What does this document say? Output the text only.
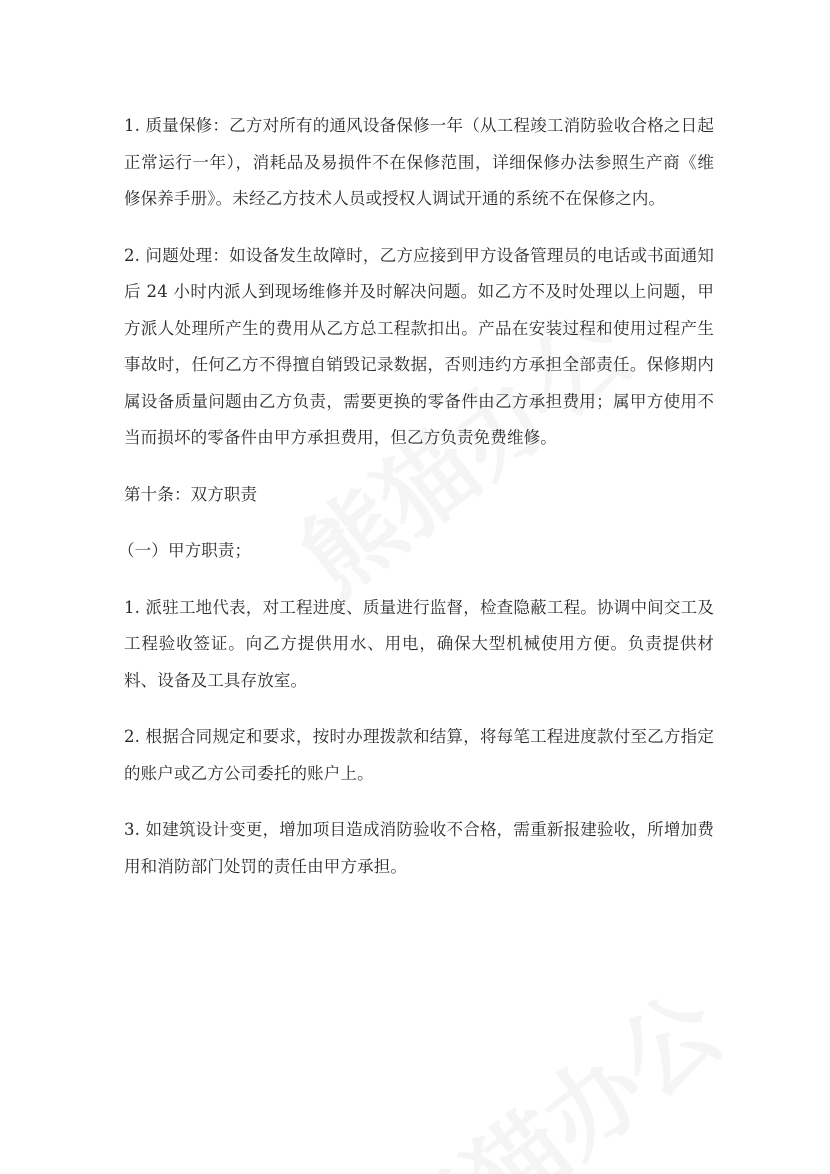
1. 质量保修：乙方对所有的通风设备保修一年（从工程竣工消防验收合格之日起正常运行一年），消耗品及易损件不在保修范围，详细保修办法参照生产商《维修保养手册》。未经乙方技术人员或授权人调试开通的系统不在保修之内。

2. 问题处理：如设备发生故障时，乙方应接到甲方设备管理员的电话或书面通知后 24 小时内派人到现场维修并及时解决问题。如乙方不及时处理以上问题，甲方派人处理所产生的费用从乙方总工程款扣出。产品在安装过程和使用过程产生事故时，任何乙方不得擅自销毁记录数据，否则违约方承担全部责任。保修期内属设备质量问题由乙方负责，需要更换的零备件由乙方承担费用；属甲方使用不当而损坏的零备件由甲方承担费用，但乙方负责免费维修。

第十条：双方职责

（一）甲方职责；

1. 派驻工地代表，对工程进度、质量进行监督，检查隐蔽工程。协调中间交工及工程验收签证。向乙方提供用水、用电，确保大型机械使用方便。负责提供材料、设备及工具存放室。

2. 根据合同规定和要求，按时办理拨款和结算，将每笔工程进度款付至乙方指定的账户或乙方公司委托的账户上。

3. 如建筑设计变更，增加项目造成消防验收不合格，需重新报建验收，所增加费用和消防部门处罚的责任由甲方承担。
